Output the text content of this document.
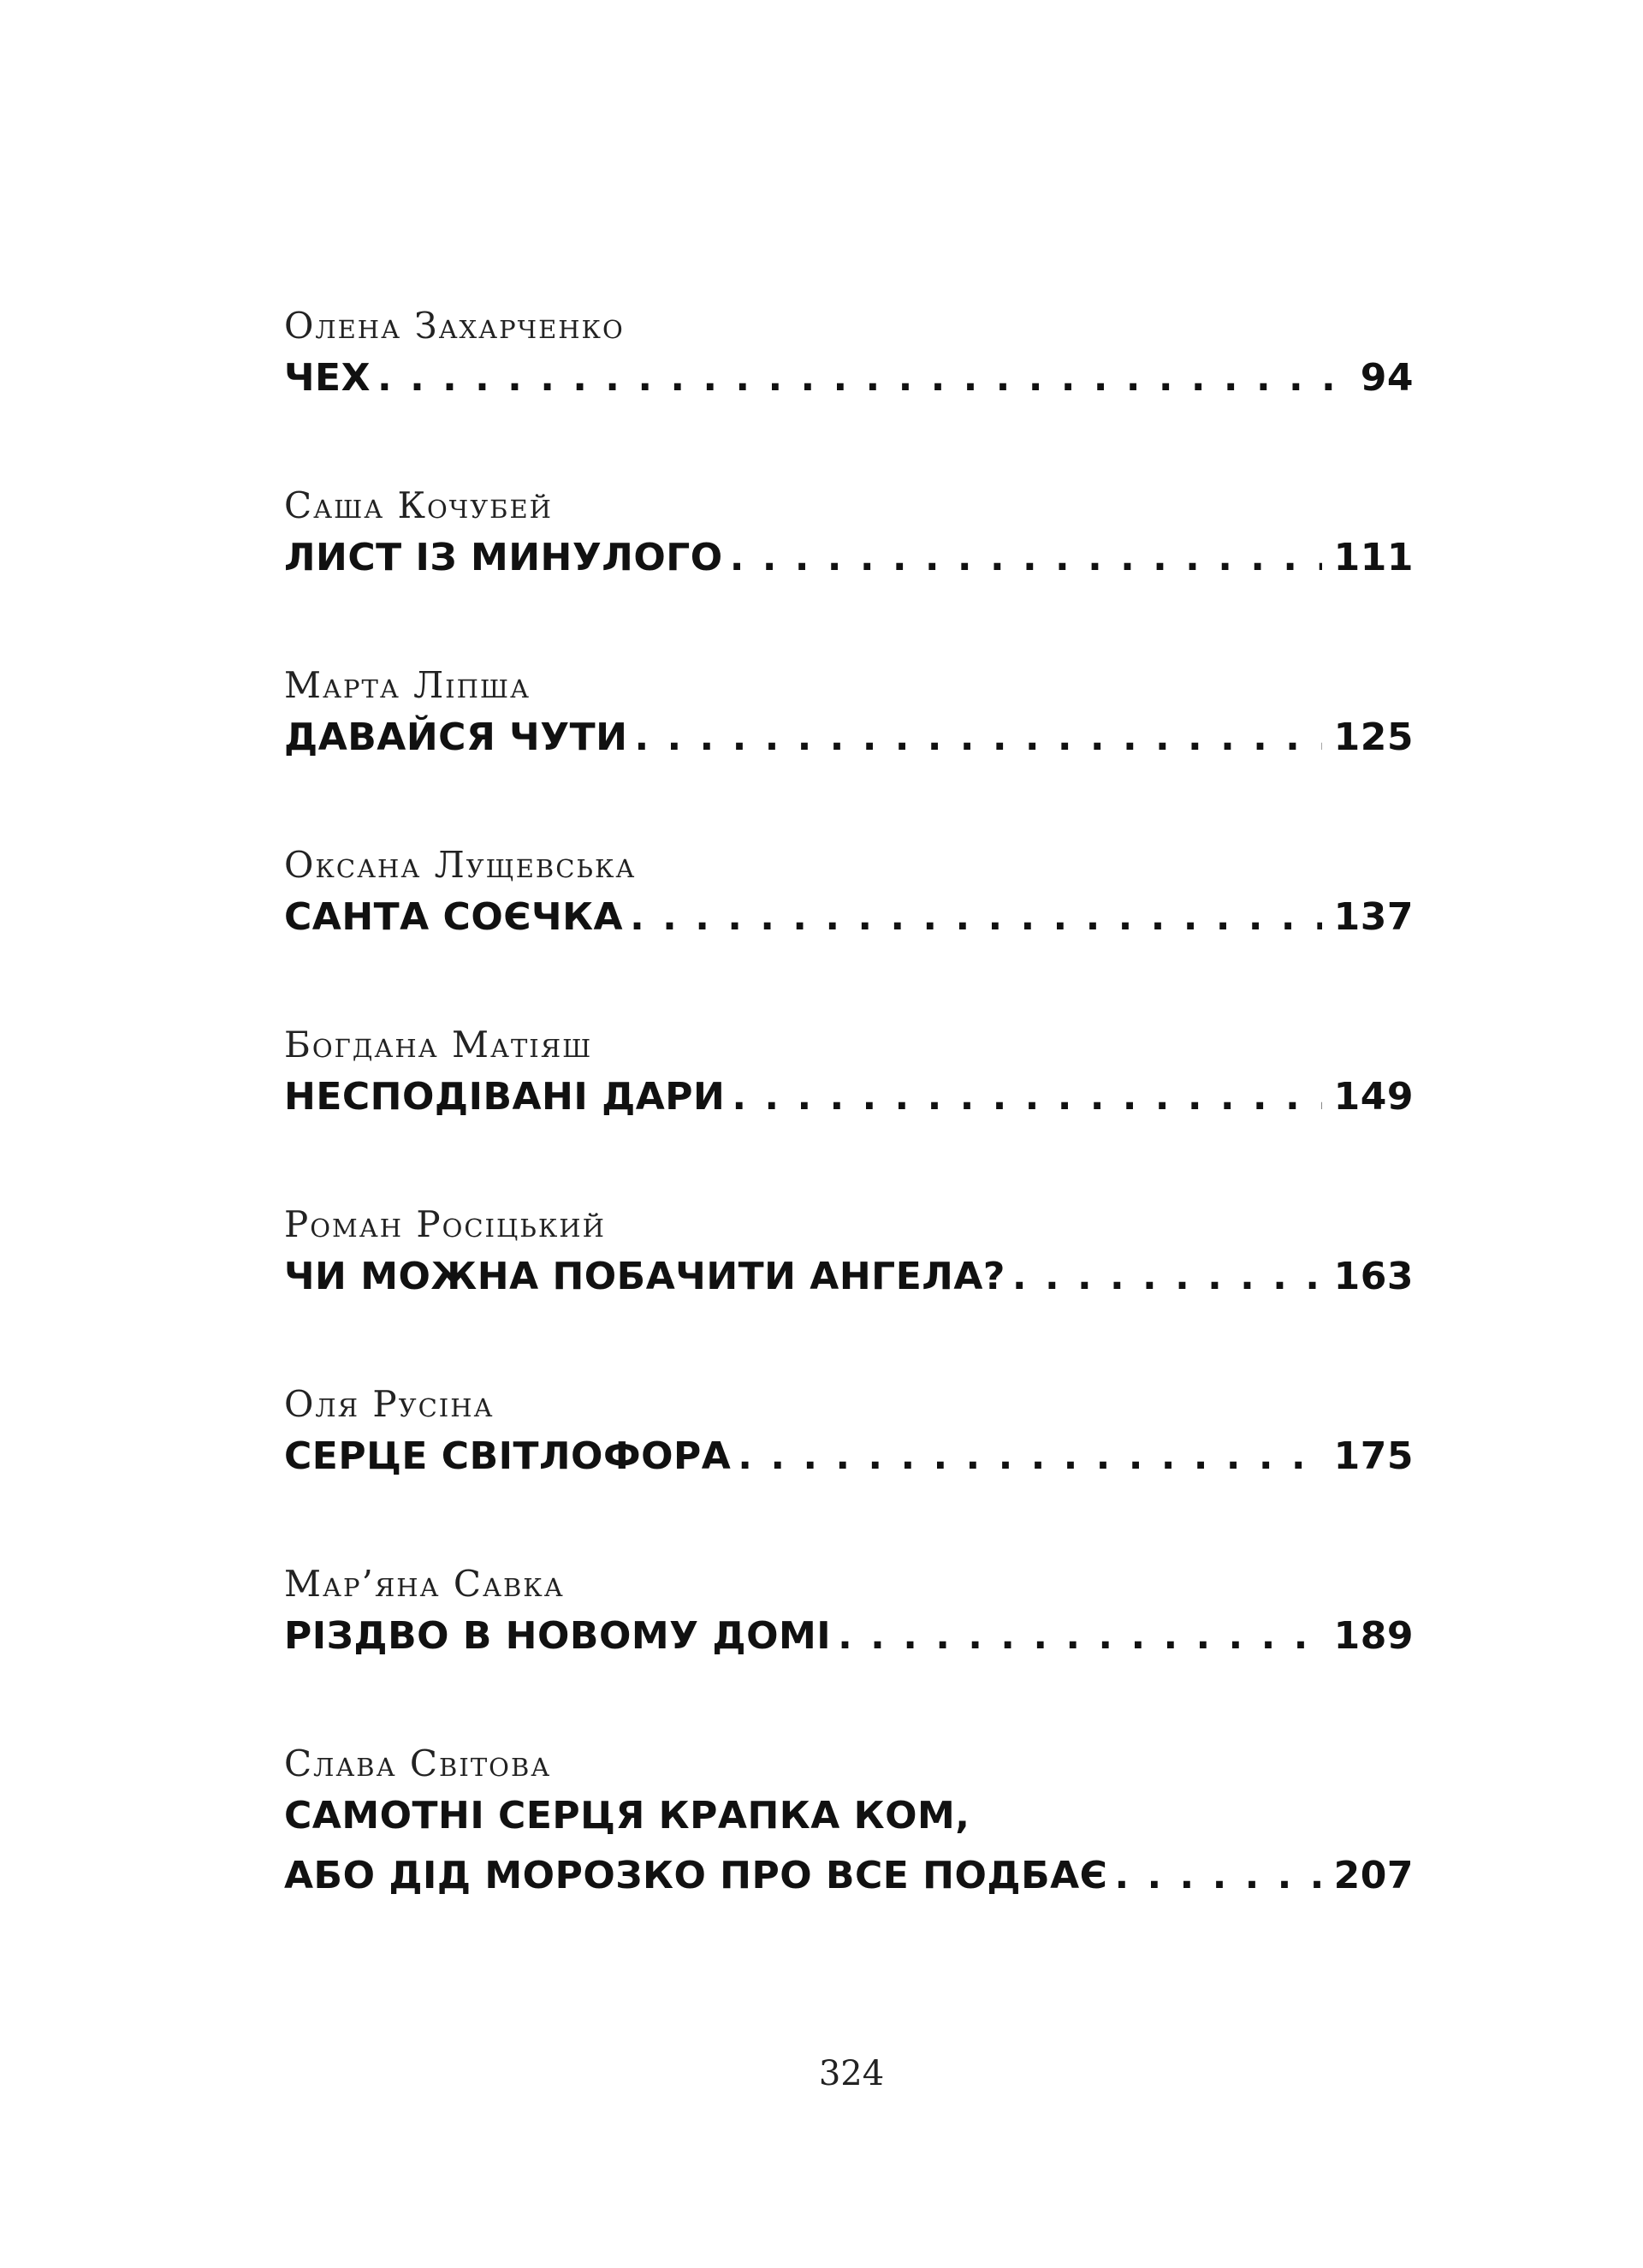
Олена Захарченко
ЧЕХ . . .	94
Саша Кочубей
ЛИСТ ІЗ МИНУЛОГО . . .	111
Марта Ліпша
ДАВАЙСЯ ЧУТИ . . .	125
Оксана Лущевська
САНТА СОЄЧКА . . .	137
Богдана Матіяш
НЕСПОДІВАНІ ДАРИ . . .	149
Роман Росіцький
ЧИ МОЖНА ПОБАЧИТИ АНГЕЛА? . . .	163
Оля Русіна
СЕРЦЕ СВІТЛОФОРА . . .	175
Мар’яна Савка
РІЗДВО В НОВОМУ ДОМІ . . .	189
Слава Світова
САМОТНІ СЕРЦЯ КРАПКА КОМ,
АБО ДІД МОРОЗКО ПРО ВСЕ ПОДБАЄ . . .	207
324
